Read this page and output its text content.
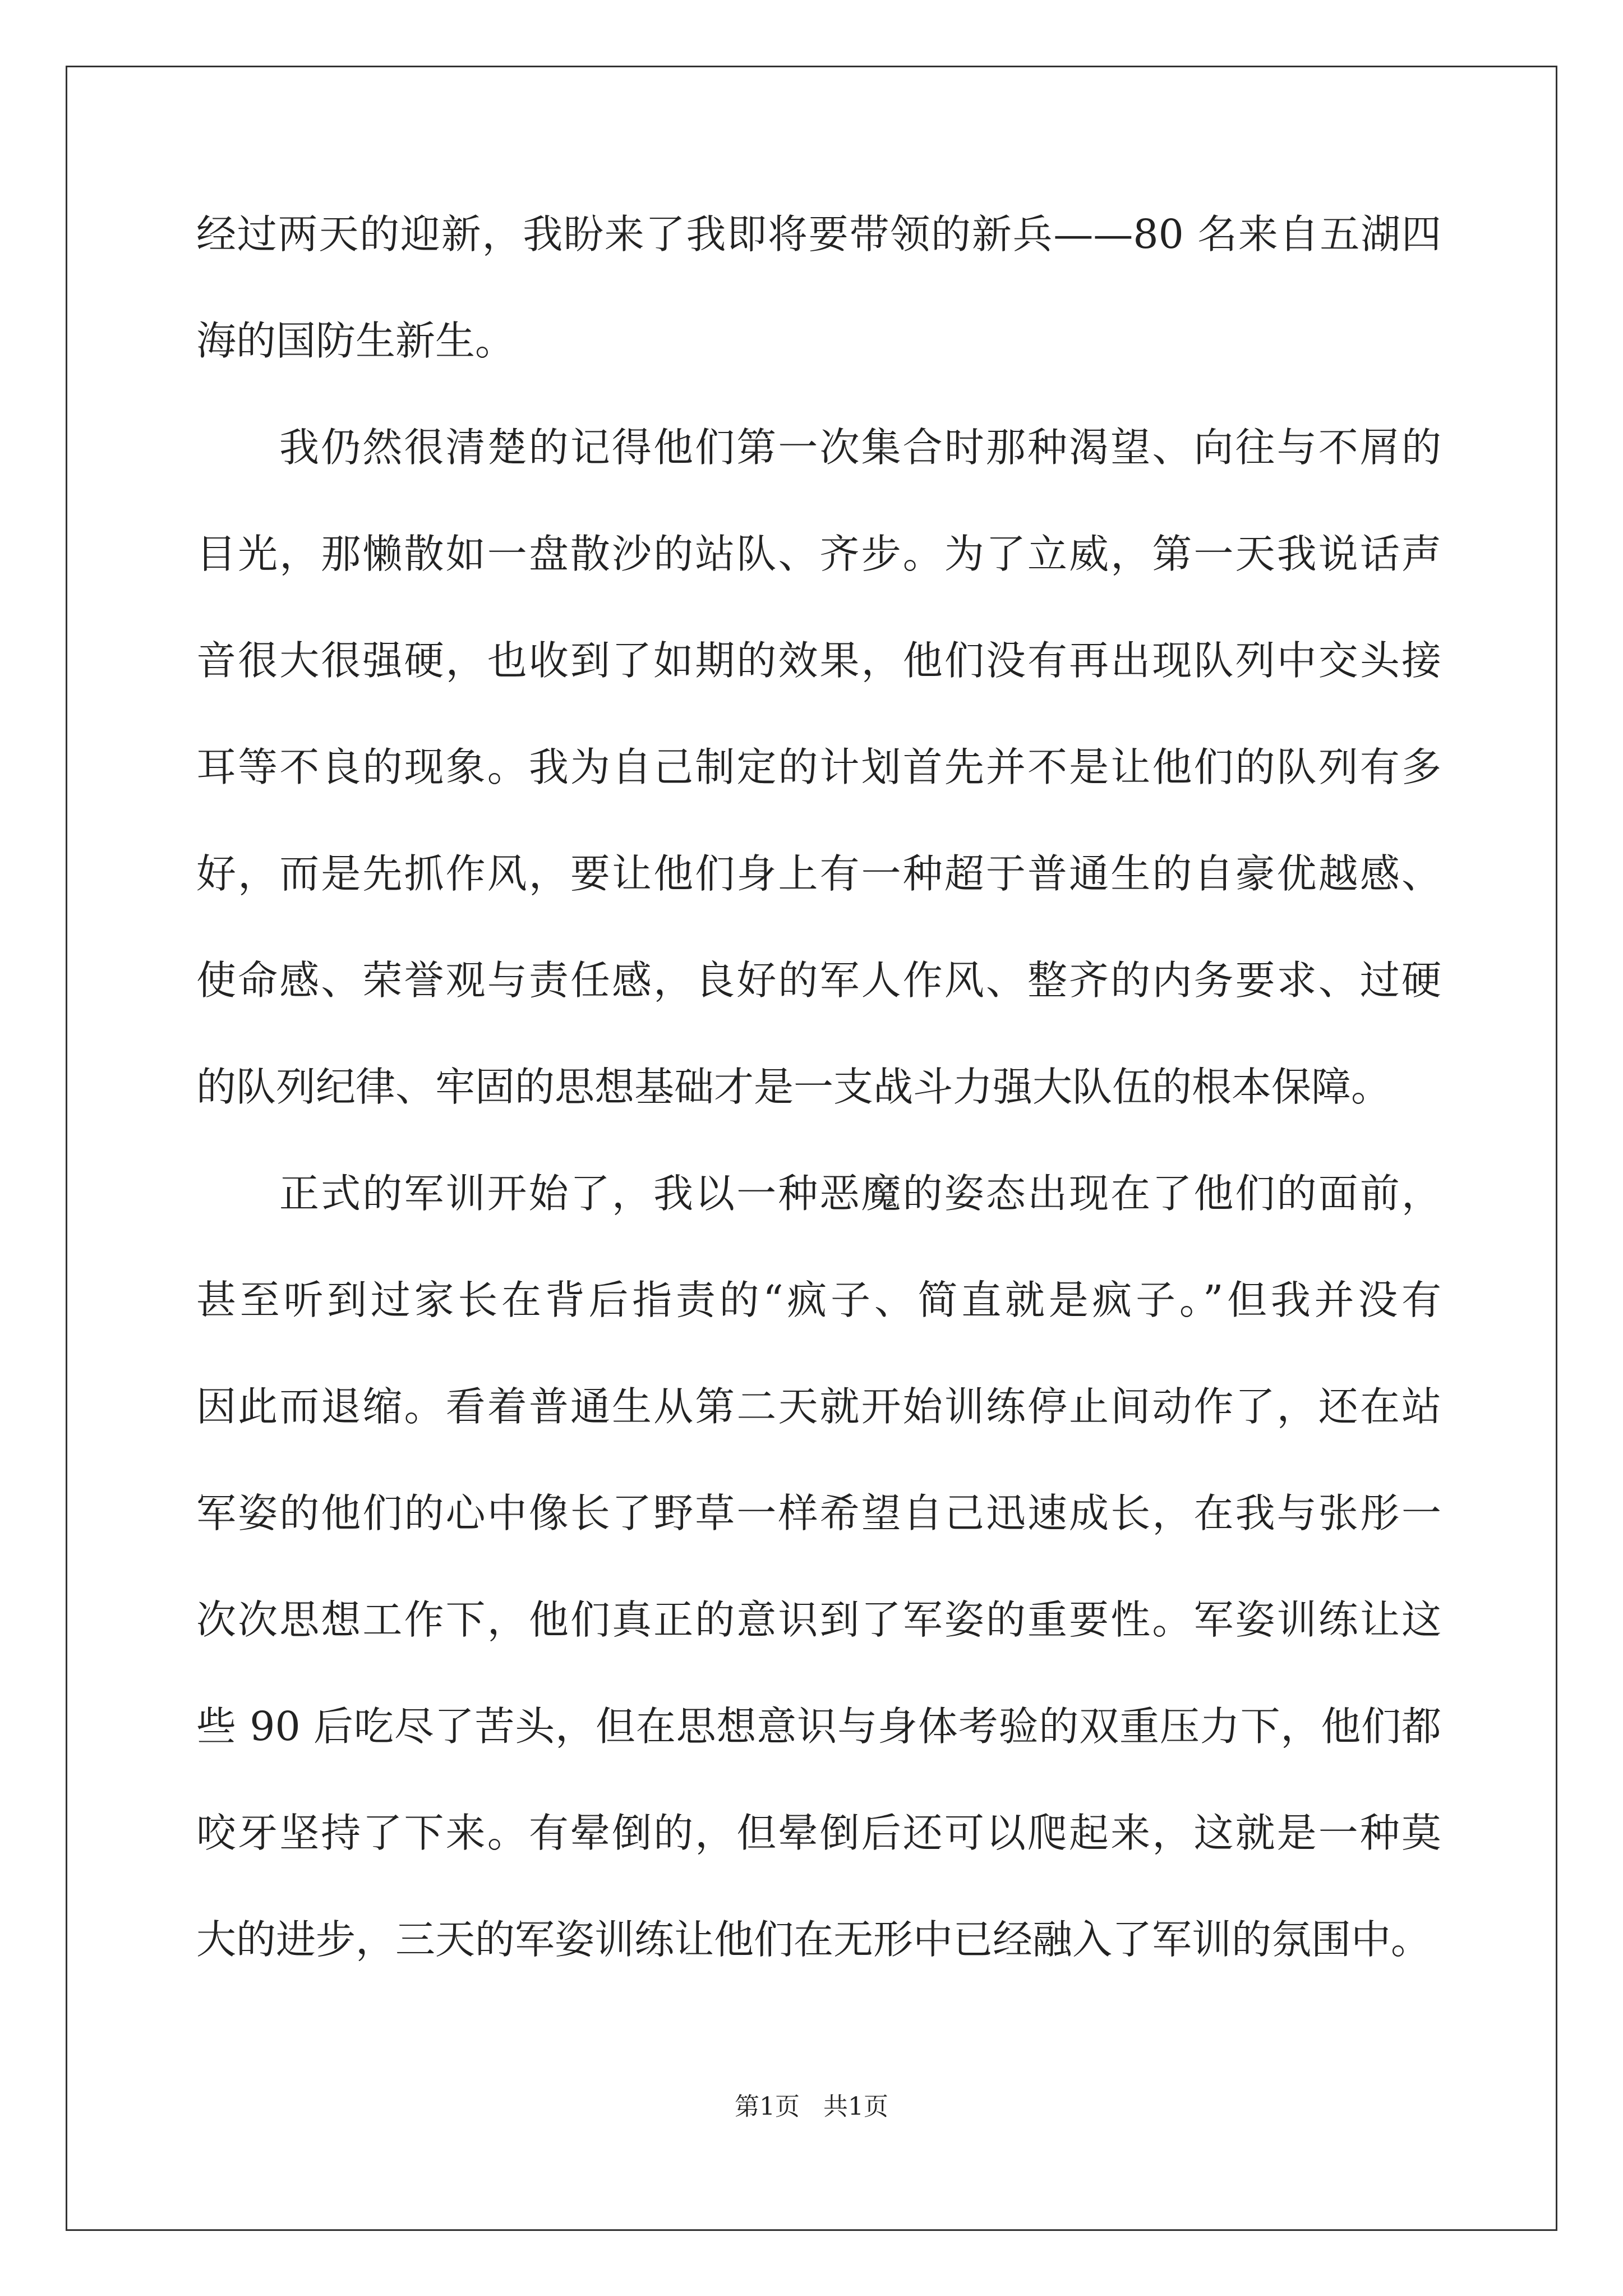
经过两天的迎新，我盼来了我即将要带领的新兵——80 名来自五湖四
海的国防生新生。
我仍然很清楚的记得他们第一次集合时那种渴望、向往与不屑的
目光，那懒散如一盘散沙的站队、齐步。为了立威，第一天我说话声
音很大很强硬，也收到了如期的效果，他们没有再出现队列中交头接
耳等不良的现象。我为自己制定的计划首先并不是让他们的队列有多
好，而是先抓作风，要让他们身上有一种超于普通生的自豪优越感、
使命感、荣誉观与责任感，良好的军人作风、整齐的内务要求、过硬
的队列纪律、牢固的思想基础才是一支战斗力强大队伍的根本保障。
正式的军训开始了，我以一种恶魔的姿态出现在了他们的面前，
甚至听到过家长在背后指责的“疯子、简直就是疯子。”但我并没有
因此而退缩。看着普通生从第二天就开始训练停止间动作了，还在站
军姿的他们的心中像长了野草一样希望自己迅速成长，在我与张彤一
次次思想工作下，他们真正的意识到了军姿的重要性。军姿训练让这
些 90 后吃尽了苦头，但在思想意识与身体考验的双重压力下，他们都
咬牙坚持了下来。有晕倒的，但晕倒后还可以爬起来，这就是一种莫
大的进步，三天的军姿训练让他们在无形中已经融入了军训的氛围中。
第1页   共1页
